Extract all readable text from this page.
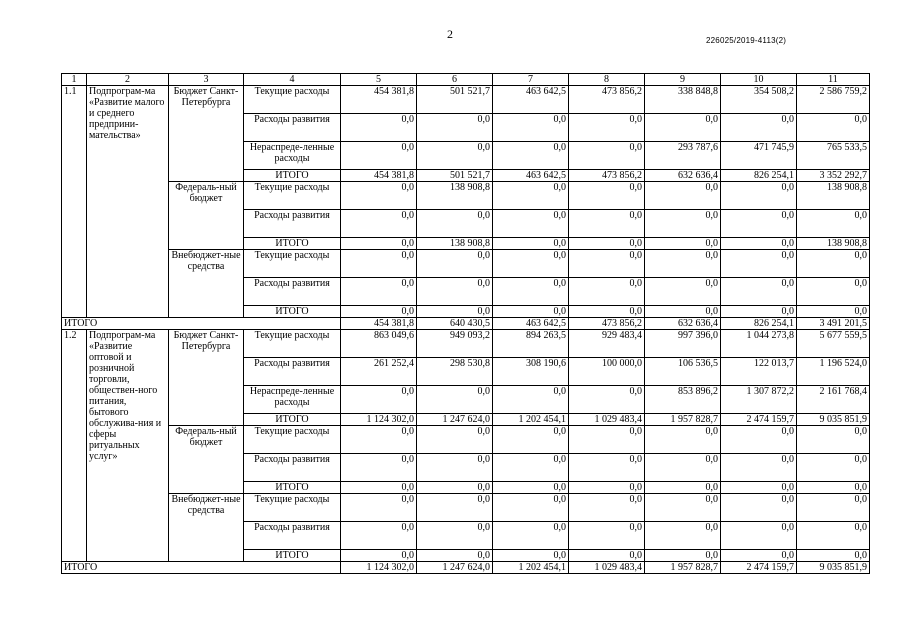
2	226025/2019-4113(2)
1	2	3	4	5	6	7	8	9	10	11
1.1	Подпрограм-ма «Развитие малого и среднего предприни-мательства»	Бюджет Санкт-Петербурга	Текущие расходы	454 381,8	501 521,7	463 642,5	473 856,2	338 848,8	354 508,2	2 586 759,2
			Расходы развития	0,0	0,0	0,0	0,0	0,0	0,0	0,0
			Нераспреде-ленные расходы	0,0	0,0	0,0	0,0	293 787,6	471 745,9	765 533,5
			ИТОГО	454 381,8	501 521,7	463 642,5	473 856,2	632 636,4	826 254,1	3 352 292,7
		Федераль-ный бюджет	Текущие расходы	0,0	138 908,8	0,0	0,0	0,0	0,0	138 908,8
			Расходы развития	0,0	0,0	0,0	0,0	0,0	0,0	0,0
			ИТОГО	0,0	138 908,8	0,0	0,0	0,0	0,0	138 908,8
		Внебюджет-ные средства	Текущие расходы	0,0	0,0	0,0	0,0	0,0	0,0	0,0
			Расходы развития	0,0	0,0	0,0	0,0	0,0	0,0	0,0
			ИТОГО	0,0	0,0	0,0	0,0	0,0	0,0	0,0
ИТОГО				454 381,8	640 430,5	463 642,5	473 856,2	632 636,4	826 254,1	3 491 201,5
1.2	Подпрограм-ма «Развитие оптовой и розничной торговли, обществен-ного питания, бытового обслужива-ния и сферы ритуальных услуг»	Бюджет Санкт-Петербурга	Текущие расходы	863 049,6	949 093,2	894 263,5	929 483,4	997 396,0	1 044 273,8	5 677 559,5
			Расходы развития	261 252,4	298 530,8	308 190,6	100 000,0	106 536,5	122 013,7	1 196 524,0
			Нераспреде-ленные расходы	0,0	0,0	0,0	0,0	853 896,2	1 307 872,2	2 161 768,4
			ИТОГО	1 124 302,0	1 247 624,0	1 202 454,1	1 029 483,4	1 957 828,7	2 474 159,7	9 035 851,9
		Федераль-ный бюджет	Текущие расходы	0,0	0,0	0,0	0,0	0,0	0,0	0,0
			Расходы развития	0,0	0,0	0,0	0,0	0,0	0,0	0,0
			ИТОГО	0,0	0,0	0,0	0,0	0,0	0,0	0,0
		Внебюджет-ные средства	Текущие расходы	0,0	0,0	0,0	0,0	0,0	0,0	0,0
			Расходы развития	0,0	0,0	0,0	0,0	0,0	0,0	0,0
			ИТОГО	0,0	0,0	0,0	0,0	0,0	0,0	0,0
ИТОГО				1 124 302,0	1 247 624,0	1 202 454,1	1 029 483,4	1 957 828,7	2 474 159,7	9 035 851,9
